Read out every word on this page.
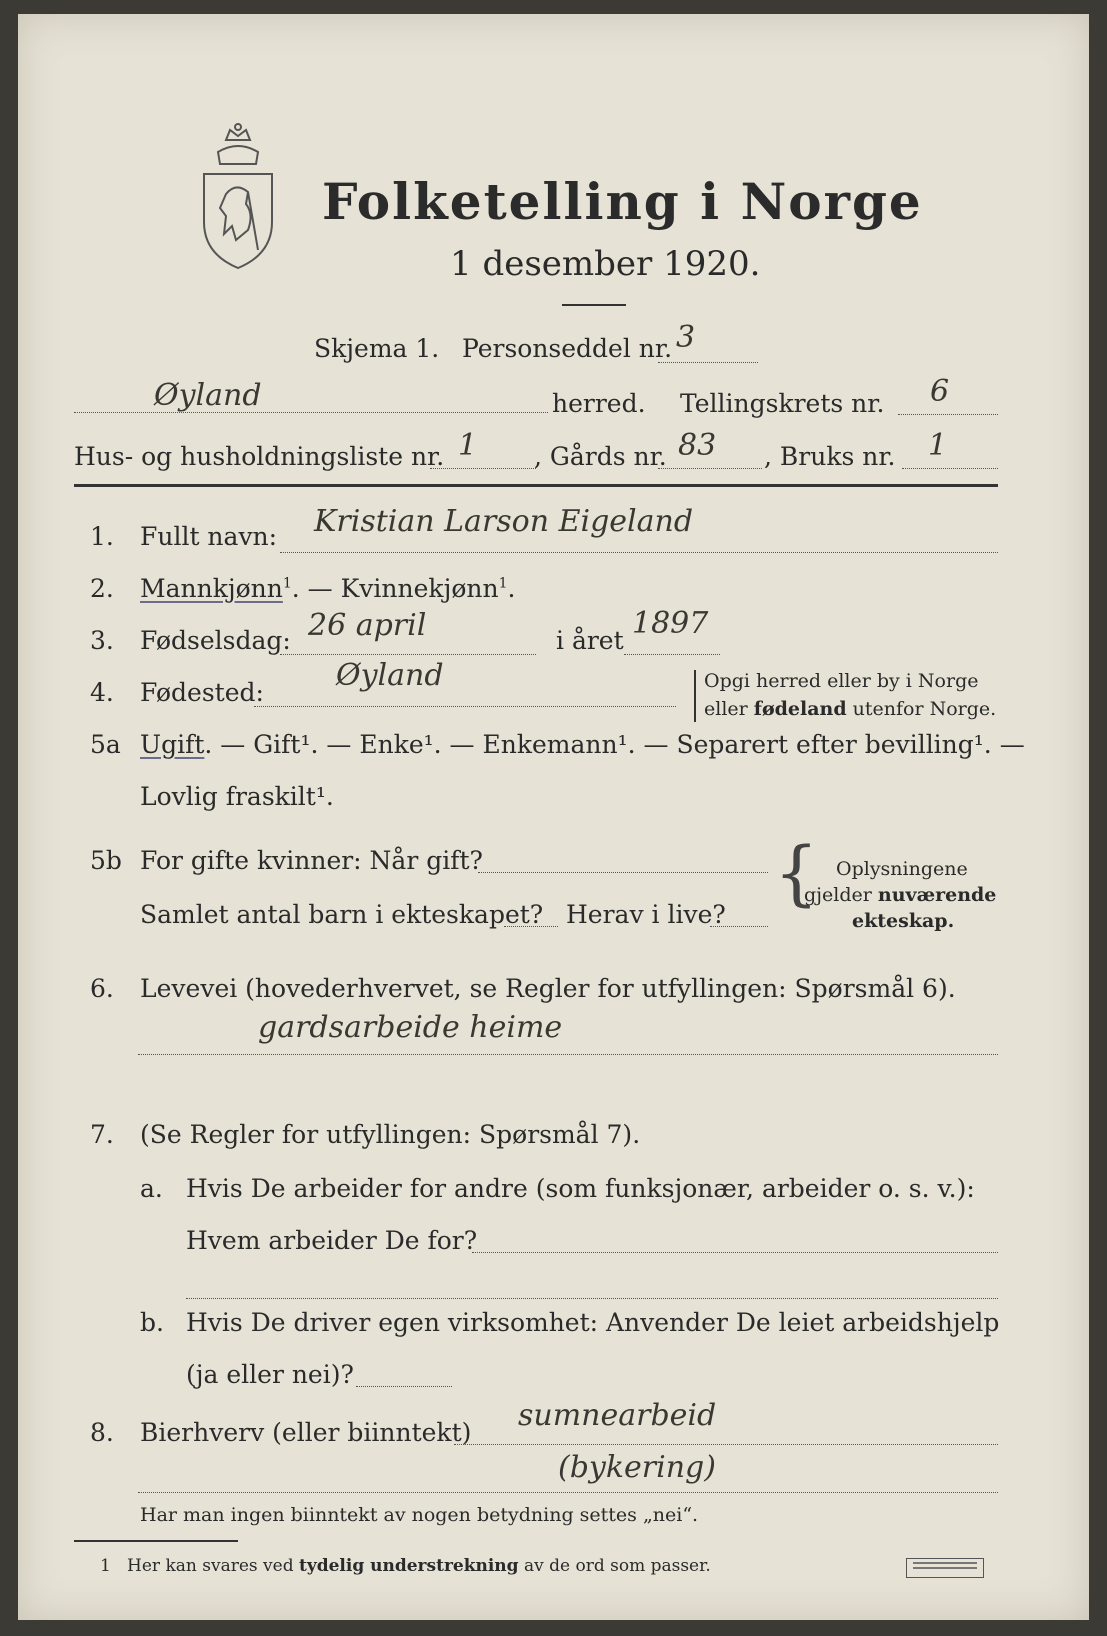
Folketelling i Norge
1 desember 1920.
Skjema 1. Personseddel nr. 3
Øyland	herred. Tellingskrets nr. 6
Hus- og husholdningsliste nr. 1 , Gårds nr. 83 , Bruks nr. 1
1. Fullt navn: Kristian Larson Eigeland
2. Mannkjønn$^1$. — Kvinnekjønn$^1$.
3. Fødselsdag: 26 april	i året 1897
4. Fødested: Øyland	Opgi herred eller by i Norge
eller fødeland utenfor Norge.
5a Ugift. — Gift¹. — Enke¹. — Enkemann¹. — Separert efter bevilling¹. —
Lovlig fraskilt¹.
5b For gifte kvinner: Når gift?
Samlet antal barn i ekteskapet? Herav i live?
{ Oplysningene
gjelder nuværende
ekteskap.
6. Levevei (hovederhvervet, se Regler for utfyllingen: Spørsmål 6).
gardsarbeide heime
7. (Se Regler for utfyllingen: Spørsmål 7).
a. Hvis De arbeider for andre (som funksjonær, arbeider o. s. v.):
Hvem arbeider De for?
b. Hvis De driver egen virksomhet: Anvender De leiet arbeidshjelp
(ja eller nei)?
8. Bierhverv (eller biinntekt) sumnearbeid
(bykering)
Har man ingen biinntekt av nogen betydning settes „nei“.
1 Her kan svares ved tydelig understrekning av de ord som passer.
